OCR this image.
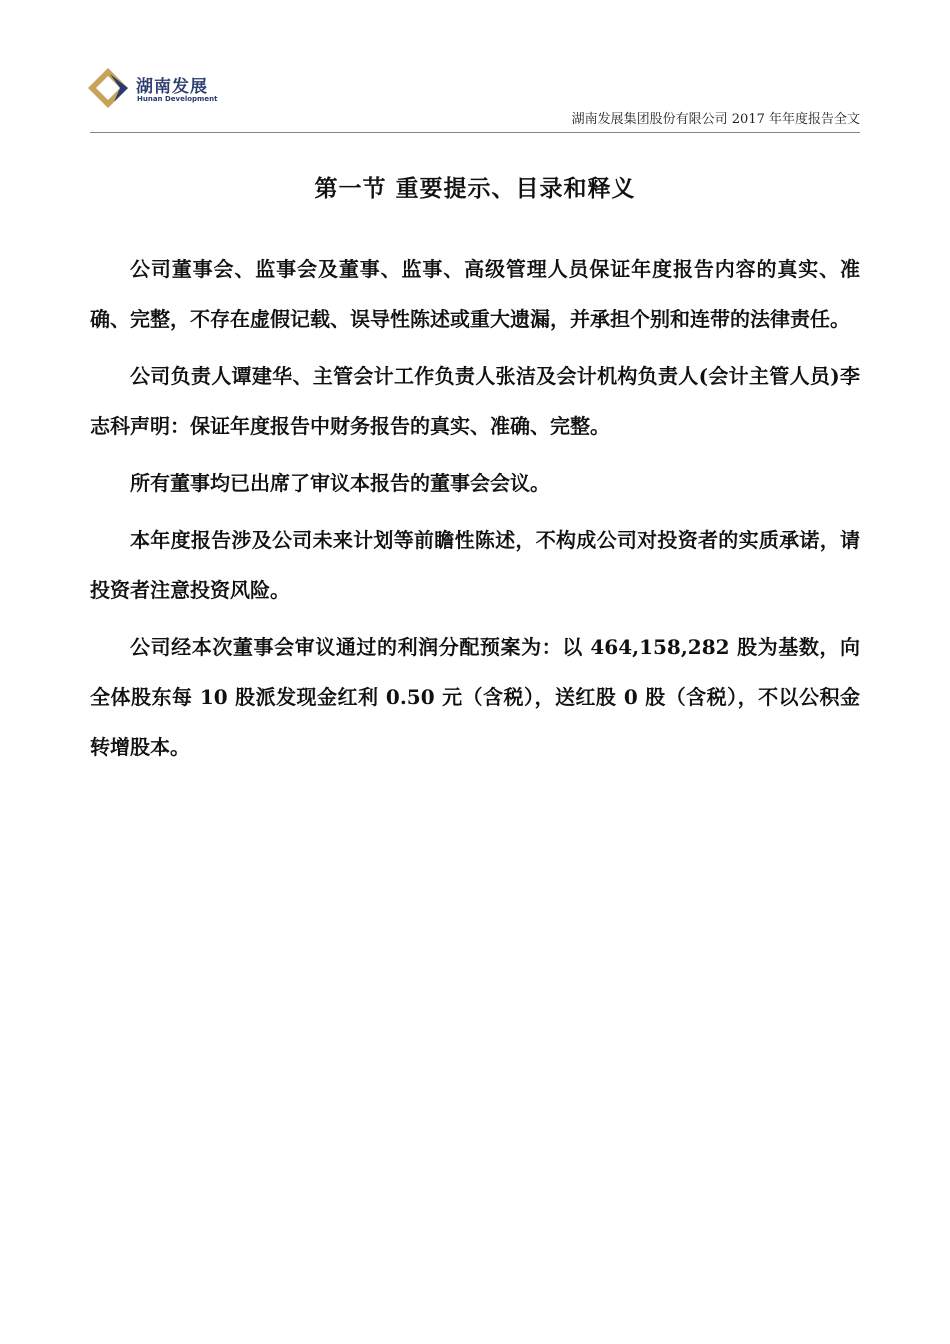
湖南发展
Hunan Development
湖南发展集团股份有限公司 2017 年年度报告全文
第一节 重要提示、目录和释义

公司董事会、监事会及董事、监事、高级管理人员保证年度报告内容的真实、准确、完整，不存在虚假记载、误导性陈述或重大遗漏，并承担个别和连带的法律责任。

公司负责人谭建华、主管会计工作负责人张洁及会计机构负责人(会计主管人员)李志科声明：保证年度报告中财务报告的真实、准确、完整。

所有董事均已出席了审议本报告的董事会会议。

本年度报告涉及公司未来计划等前瞻性陈述，不构成公司对投资者的实质承诺，请投资者注意投资风险。

公司经本次董事会审议通过的利润分配预案为：以 464,158,282 股为基数，向全体股东每 10 股派发现金红利 0.50 元（含税），送红股 0 股（含税），不以公积金转增股本。
